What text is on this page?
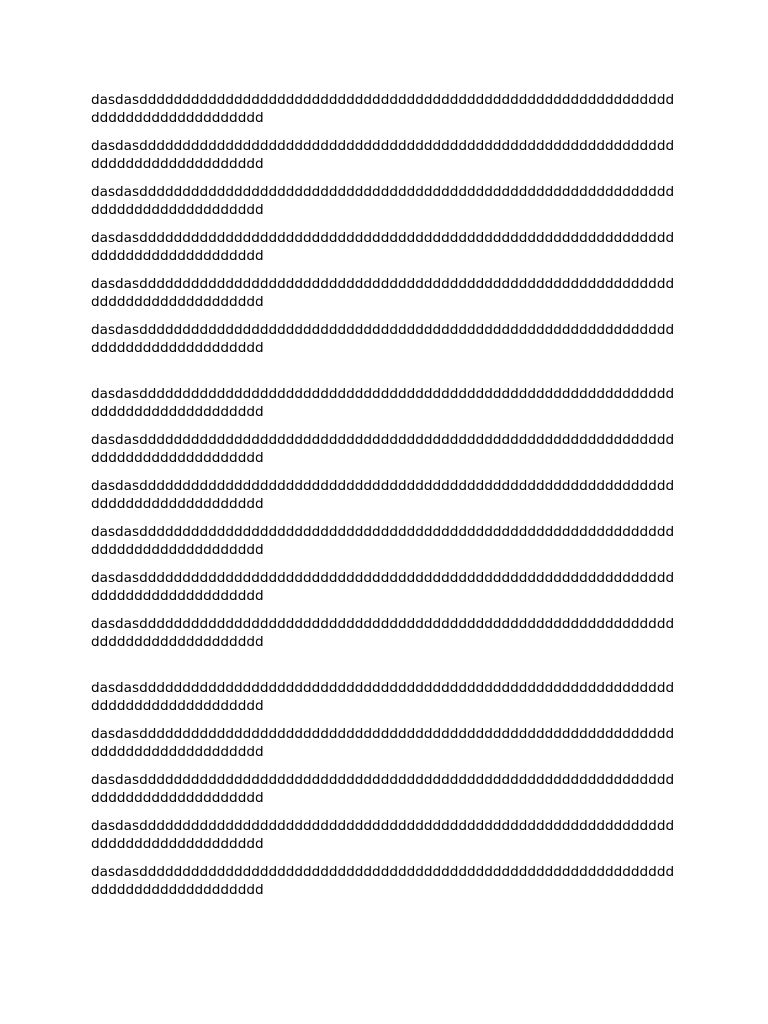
dasdasdddddddddddddddddddddddddddddddddddddddddddddddddddddddddddddd
dddddddddddddddddddd

dasdasdddddddddddddddddddddddddddddddddddddddddddddddddddddddddddddd
dddddddddddddddddddd

dasdasdddddddddddddddddddddddddddddddddddddddddddddddddddddddddddddd
dddddddddddddddddddd

dasdasdddddddddddddddddddddddddddddddddddddddddddddddddddddddddddddd
dddddddddddddddddddd

dasdasdddddddddddddddddddddddddddddddddddddddddddddddddddddddddddddd
dddddddddddddddddddd

dasdasdddddddddddddddddddddddddddddddddddddddddddddddddddddddddddddd
dddddddddddddddddddd

dasdasdddddddddddddddddddddddddddddddddddddddddddddddddddddddddddddd
dddddddddddddddddddd

dasdasdddddddddddddddddddddddddddddddddddddddddddddddddddddddddddddd
dddddddddddddddddddd

dasdasdddddddddddddddddddddddddddddddddddddddddddddddddddddddddddddd
dddddddddddddddddddd

dasdasdddddddddddddddddddddddddddddddddddddddddddddddddddddddddddddd
dddddddddddddddddddd

dasdasdddddddddddddddddddddddddddddddddddddddddddddddddddddddddddddd
dddddddddddddddddddd

dasdasdddddddddddddddddddddddddddddddddddddddddddddddddddddddddddddd
dddddddddddddddddddd

dasdasdddddddddddddddddddddddddddddddddddddddddddddddddddddddddddddd
dddddddddddddddddddd

dasdasdddddddddddddddddddddddddddddddddddddddddddddddddddddddddddddd
dddddddddddddddddddd

dasdasdddddddddddddddddddddddddddddddddddddddddddddddddddddddddddddd
dddddddddddddddddddd

dasdasdddddddddddddddddddddddddddddddddddddddddddddddddddddddddddddd
dddddddddddddddddddd

dasdasdddddddddddddddddddddddddddddddddddddddddddddddddddddddddddddd
dddddddddddddddddddd
